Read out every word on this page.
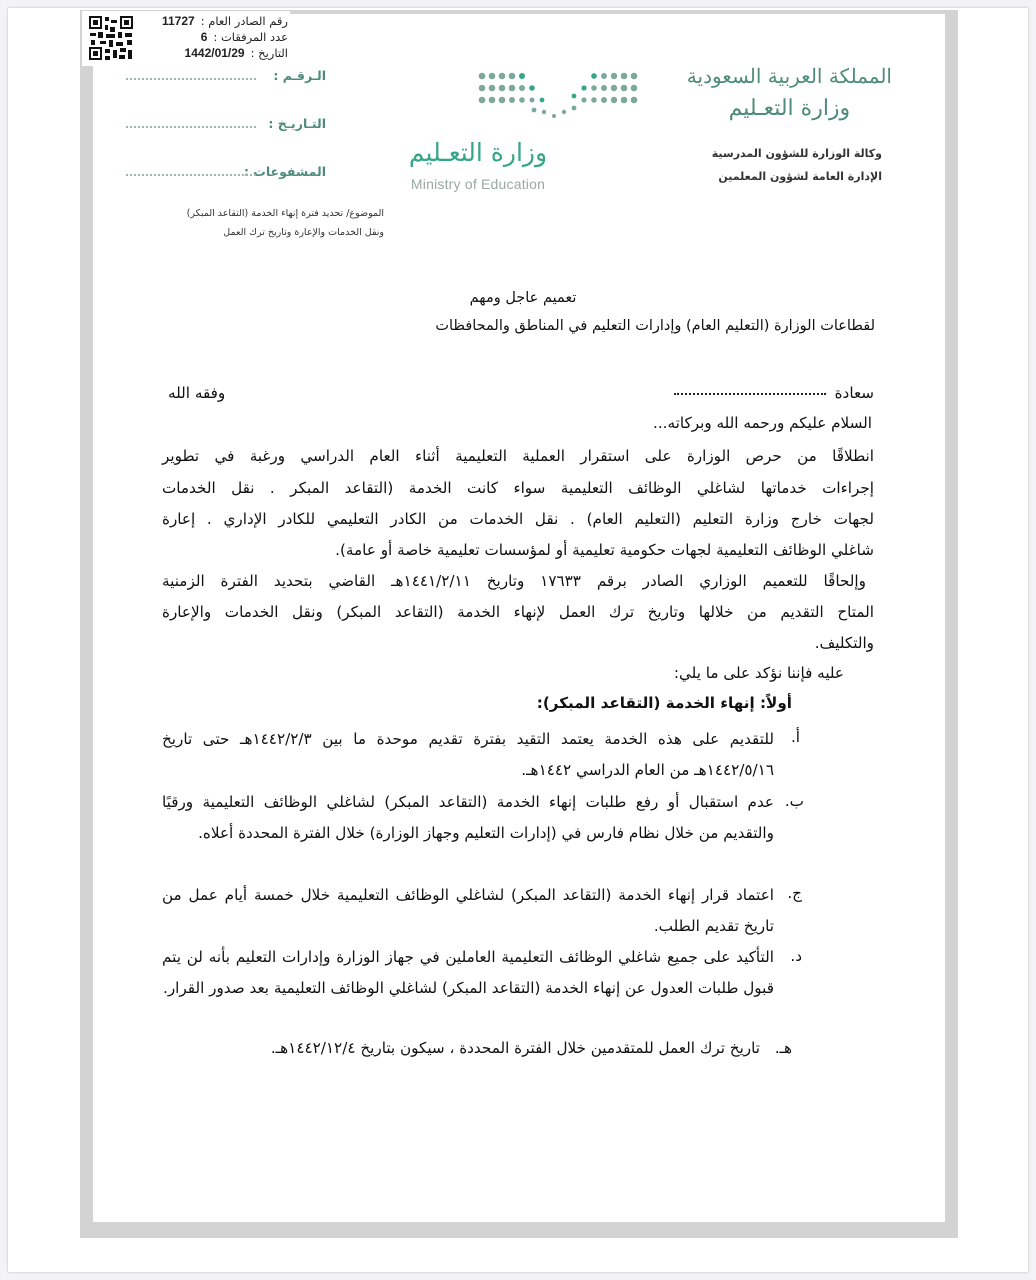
رقم الصادر العام :
11727
عدد المرفقات :
6
التاريخ :
1442/01/29
المملكة العربية السعودية
وزارة التعـليم
وكالة الوزارة للشؤون المدرسية
الإدارة العامة لشؤون المعلمين
وزارة التعـليم
Ministry of Education
الـرقـم :
التـاريـخ :
المشفوعات :
الموضوع/ تحديد فترة إنهاء الخدمة (التقاعد المبكر)
ونقل الخدمات والإعارة وتاريخ ترك العمل
تعميم عاجل ومهم
لقطاعات الوزارة (التعليم العام) وإدارات التعليم في المناطق والمحافظات
سعادة
وفقه الله
السلام عليكم ورحمه الله وبركاته...
انطلاقًا من حرص الوزارة على استقرار العملية التعليمية أثناء العام الدراسي ورغبة في تطوير
إجراءات خدماتها لشاغلي الوظائف التعليمية سواء كانت الخدمة (التقاعد المبكر . نقل الخدمات
لجهات خارج وزارة التعليم (التعليم العام) . نقل الخدمات من الكادر التعليمي للكادر الإداري . إعارة
شاغلي الوظائف التعليمية لجهات حكومية تعليمية أو لمؤسسات تعليمية خاصة أو عامة).
وإلحاقًا للتعميم الوزاري الصادر برقم ١٧٦٣٣ وتاريخ ١٤٤١/٢/١١هـ القاضي بتحديد الفترة الزمنية
المتاح التقديم من خلالها وتاريخ ترك العمل لإنهاء الخدمة (التقاعد المبكر) ونقل الخدمات والإعارة
والتكليف.
عليه فإننا نؤكد على ما يلي:
أولاً: إنهاء الخدمة (التقاعد المبكر):
أ.
للتقديم على هذه الخدمة يعتمد التقيد بفترة تقديم موحدة ما بين ١٤٤٢/٢/٣هـ حتى تاريخ ١٤٤٢/٥/١٦هـ من العام الدراسي ١٤٤٢هـ.
ب.
عدم استقبال أو رفع طلبات إنهاء الخدمة (التقاعد المبكر) لشاغلي الوظائف التعليمية ورقيًا والتقديم من خلال نظام فارس في (إدارات التعليم وجهاز الوزارة) خلال الفترة المحددة أعلاه.
ج.
اعتماد قرار إنهاء الخدمة (التقاعد المبكر) لشاغلي الوظائف التعليمية خلال خمسة أيام عمل من تاريخ تقديم الطلب.
د.
التأكيد على جميع شاغلي الوظائف التعليمية العاملين في جهاز الوزارة وإدارات التعليم بأنه لن يتم قبول طلبات العدول عن إنهاء الخدمة (التقاعد المبكر) لشاغلي الوظائف التعليمية بعد صدور القرار.
هـ.
تاريخ ترك العمل للمتقدمين خلال الفترة المحددة ، سيكون بتاريخ ١٤٤٢/١٢/٤هـ.
